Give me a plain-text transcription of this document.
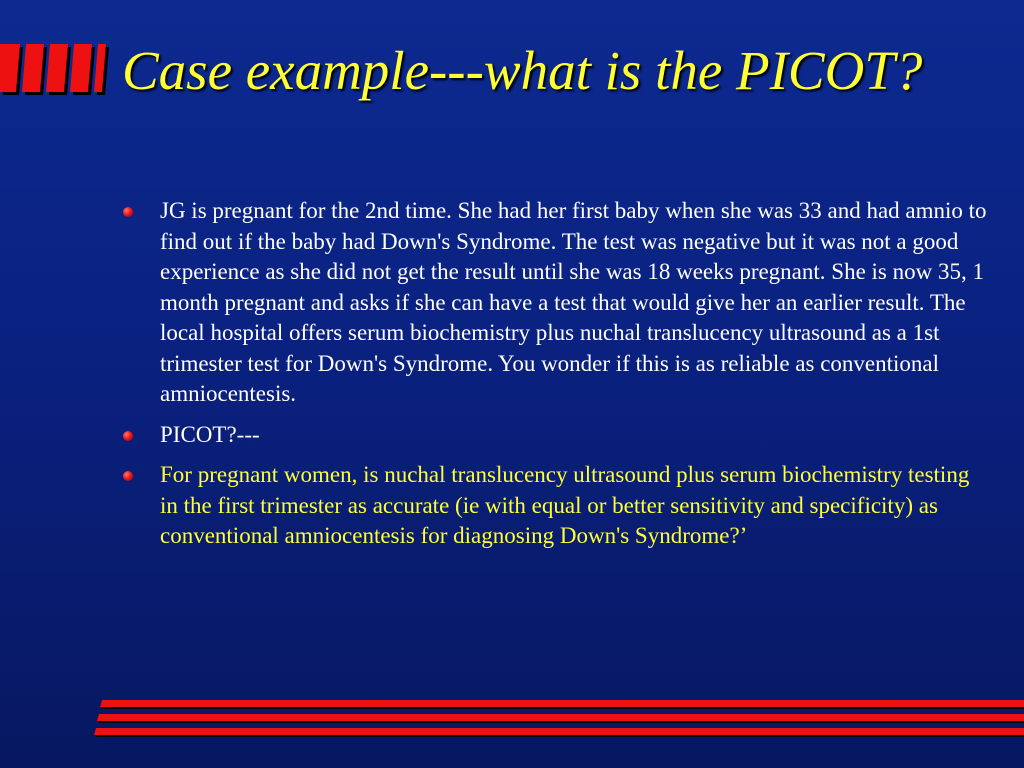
Case example---what is the PICOT?
JG is pregnant for the 2nd time. She had her first baby when she was 33 and had amnio to find out if the baby had Down's Syndrome. The test was negative but it was not a good experience as she did not get the result until she was 18 weeks pregnant. She is now 35, 1 month pregnant and asks if she can have a test that would give her an earlier result. The local hospital offers serum biochemistry plus nuchal translucency ultrasound as a 1st trimester test for Down's Syndrome. You wonder if this is as reliable as conventional amniocentesis.
PICOT?---
For pregnant women, is nuchal translucency ultrasound plus serum biochemistry testing in the first trimester as accurate (ie with equal or better sensitivity and specificity) as conventional amniocentesis for diagnosing Down's Syndrome?’
